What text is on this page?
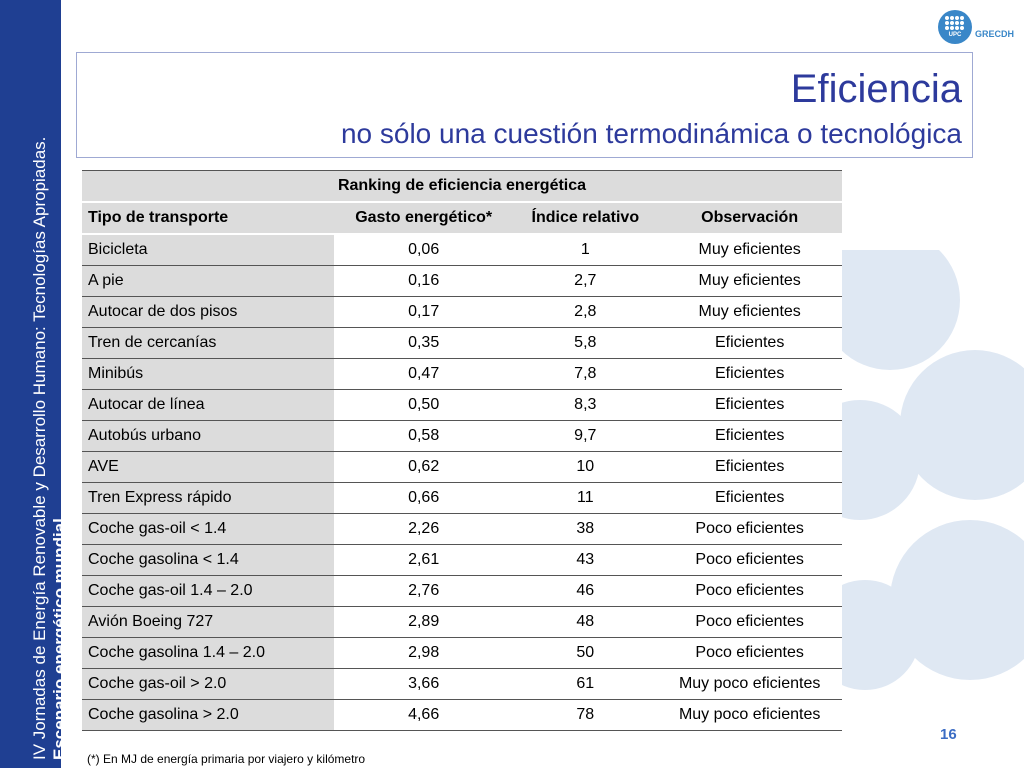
IV Jornadas de Energía Renovable y Desarrollo Humano: Tecnologías Apropiadas. Escenario energético mundial
UPC	GRECDH
Eficiencia
no sólo una cuestión termodinámica o tecnológica
Ranking de eficiencia energética			
Tipo de transporte	Gasto energético*	Índice relativo	Observación
Bicicleta	0,06	1	Muy eficientes
A pie	0,16	2,7	Muy eficientes
Autocar de dos pisos	0,17	2,8	Muy eficientes
Tren de cercanías	0,35	5,8	Eficientes
Minibús	0,47	7,8	Eficientes
Autocar de línea	0,50	8,3	Eficientes
Autobús urbano	0,58	9,7	Eficientes
AVE	0,62	10	Eficientes
Tren Express rápido	0,66	11	Eficientes
Coche gas-oil < 1.4	2,26	38	Poco eficientes
Coche gasolina < 1.4	2,61	43	Poco eficientes
Coche gas-oil 1.4 – 2.0	2,76	46	Poco eficientes
Avión Boeing 727	2,89	48	Poco eficientes
Coche gasolina 1.4 – 2.0	2,98	50	Poco eficientes
Coche gas-oil > 2.0	3,66	61	Muy poco eficientes
Coche gasolina > 2.0	4,66	78	Muy poco eficientes
(*) En MJ de energía primaria por viajero y kilómetro
16
